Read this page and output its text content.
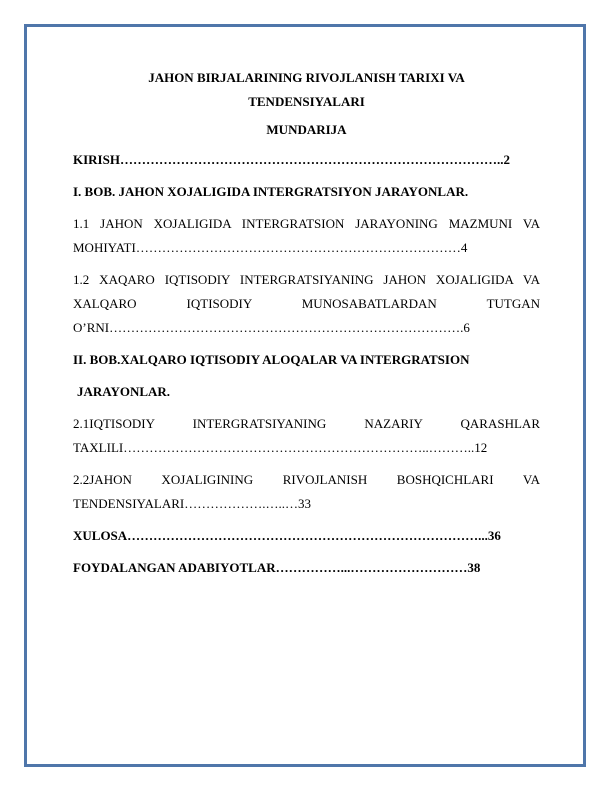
JAHON BIRJALARINING RIVOJLANISH TARIXI VA
TENDENSIYALARI
MUNDARIJA
KIRISH……………………………………………………………………………..2
I. BOB. JAHON XOJALIGIDA INTERGRATSIYON JARAYONLAR.
1.1 JAHON XOJALIGIDA INTERGRATSION JARAYONING MAZMUNI VA
MOHIYATI…………………………………………………………………4
1.2 XAQARO IQTISODIY INTERGRATSIYANING JAHON XOJALIGIDA VA
XALQARO IQTISODIY MUNOSABATLARDAN TUTGAN
O’RNI……………………………………………………………………….6
II. BOB.XALQARO IQTISODIY ALOQALAR VA INTERGRATSION
JARAYONLAR.
2.1IQTISODIY INTERGRATSIYANING NAZARIY QARASHLAR
TAXLILI……………………………………………………………..………..12
2.2JAHON XOJALIGINING RIVOJLANISH BOSHQICHLARI VA
TENDENSIYALARI……………….…..…33
XULOSA………………………………………………………………………...36
FOYDALANGAN ADABIYOTLAR……………...………………………38
